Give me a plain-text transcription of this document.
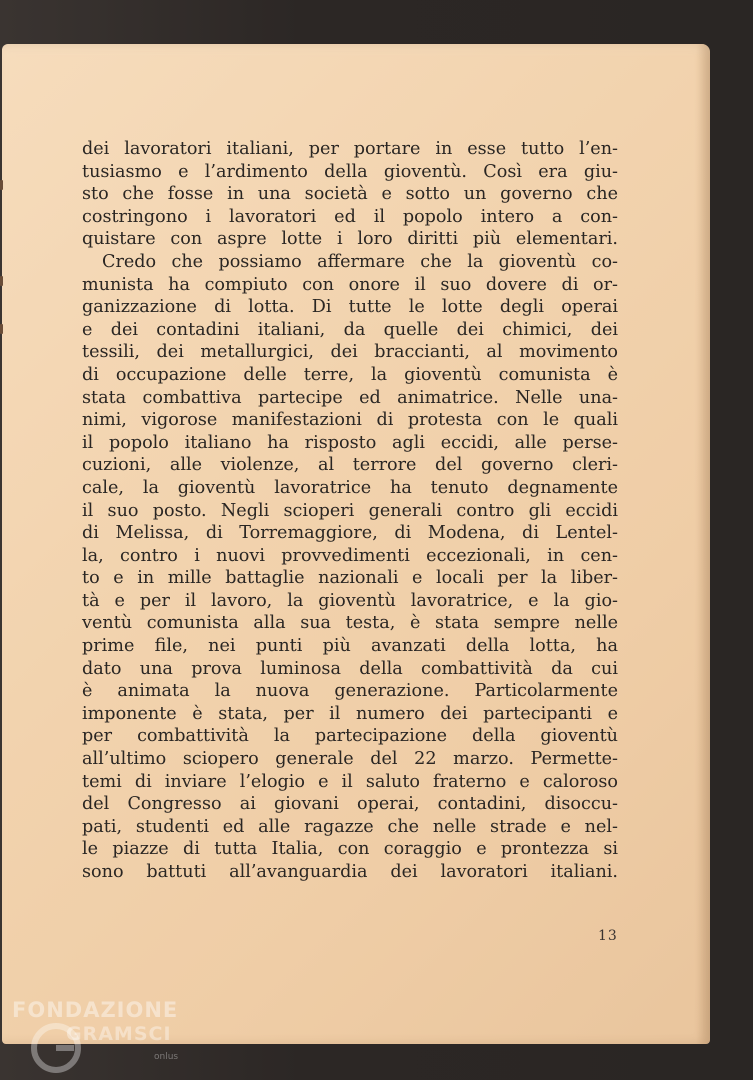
dei lavoratori italiani, per portare in esse tutto l’en-
tusiasmo e l’ardimento della gioventù. Così era giu-
sto che fosse in una società e sotto un governo che
costringono i lavoratori ed il popolo intero a con-
quistare con aspre lotte i loro diritti più elementari.
Credo che possiamo affermare che la gioventù co-
munista ha compiuto con onore il suo dovere di or-
ganizzazione di lotta. Di tutte le lotte degli operai
e dei contadini italiani, da quelle dei chimici, dei
tessili, dei metallurgici, dei braccianti, al movimento
di occupazione delle terre, la gioventù comunista è
stata combattiva partecipe ed animatrice. Nelle una-
nimi, vigorose manifestazioni di protesta con le quali
il popolo italiano ha risposto agli eccidi, alle perse-
cuzioni, alle violenze, al terrore del governo cleri-
cale, la gioventù lavoratrice ha tenuto degnamente
il suo posto. Negli scioperi generali contro gli eccidi
di Melissa, di Torremaggiore, di Modena, di Lentel-
la, contro i nuovi provvedimenti eccezionali, in cen-
to e in mille battaglie nazionali e locali per la liber-
tà e per il lavoro, la gioventù lavoratrice, e la gio-
ventù comunista alla sua testa, è stata sempre nelle
prime file, nei punti più avanzati della lotta, ha
dato una prova luminosa della combattività da cui
è animata la nuova generazione. Particolarmente
imponente è stata, per il numero dei partecipanti e
per combattività la partecipazione della gioventù
all’ultimo sciopero generale del 22 marzo. Permette-
temi di inviare l’elogio e il saluto fraterno e caloroso
del Congresso ai giovani operai, contadini, disoccu-
pati, studenti ed alle ragazze che nelle strade e nel-
le piazze di tutta Italia, con coraggio e prontezza si
sono battuti all’avanguardia dei lavoratori italiani.
13
FONDAZIONE
GRAMSCI
onlus
